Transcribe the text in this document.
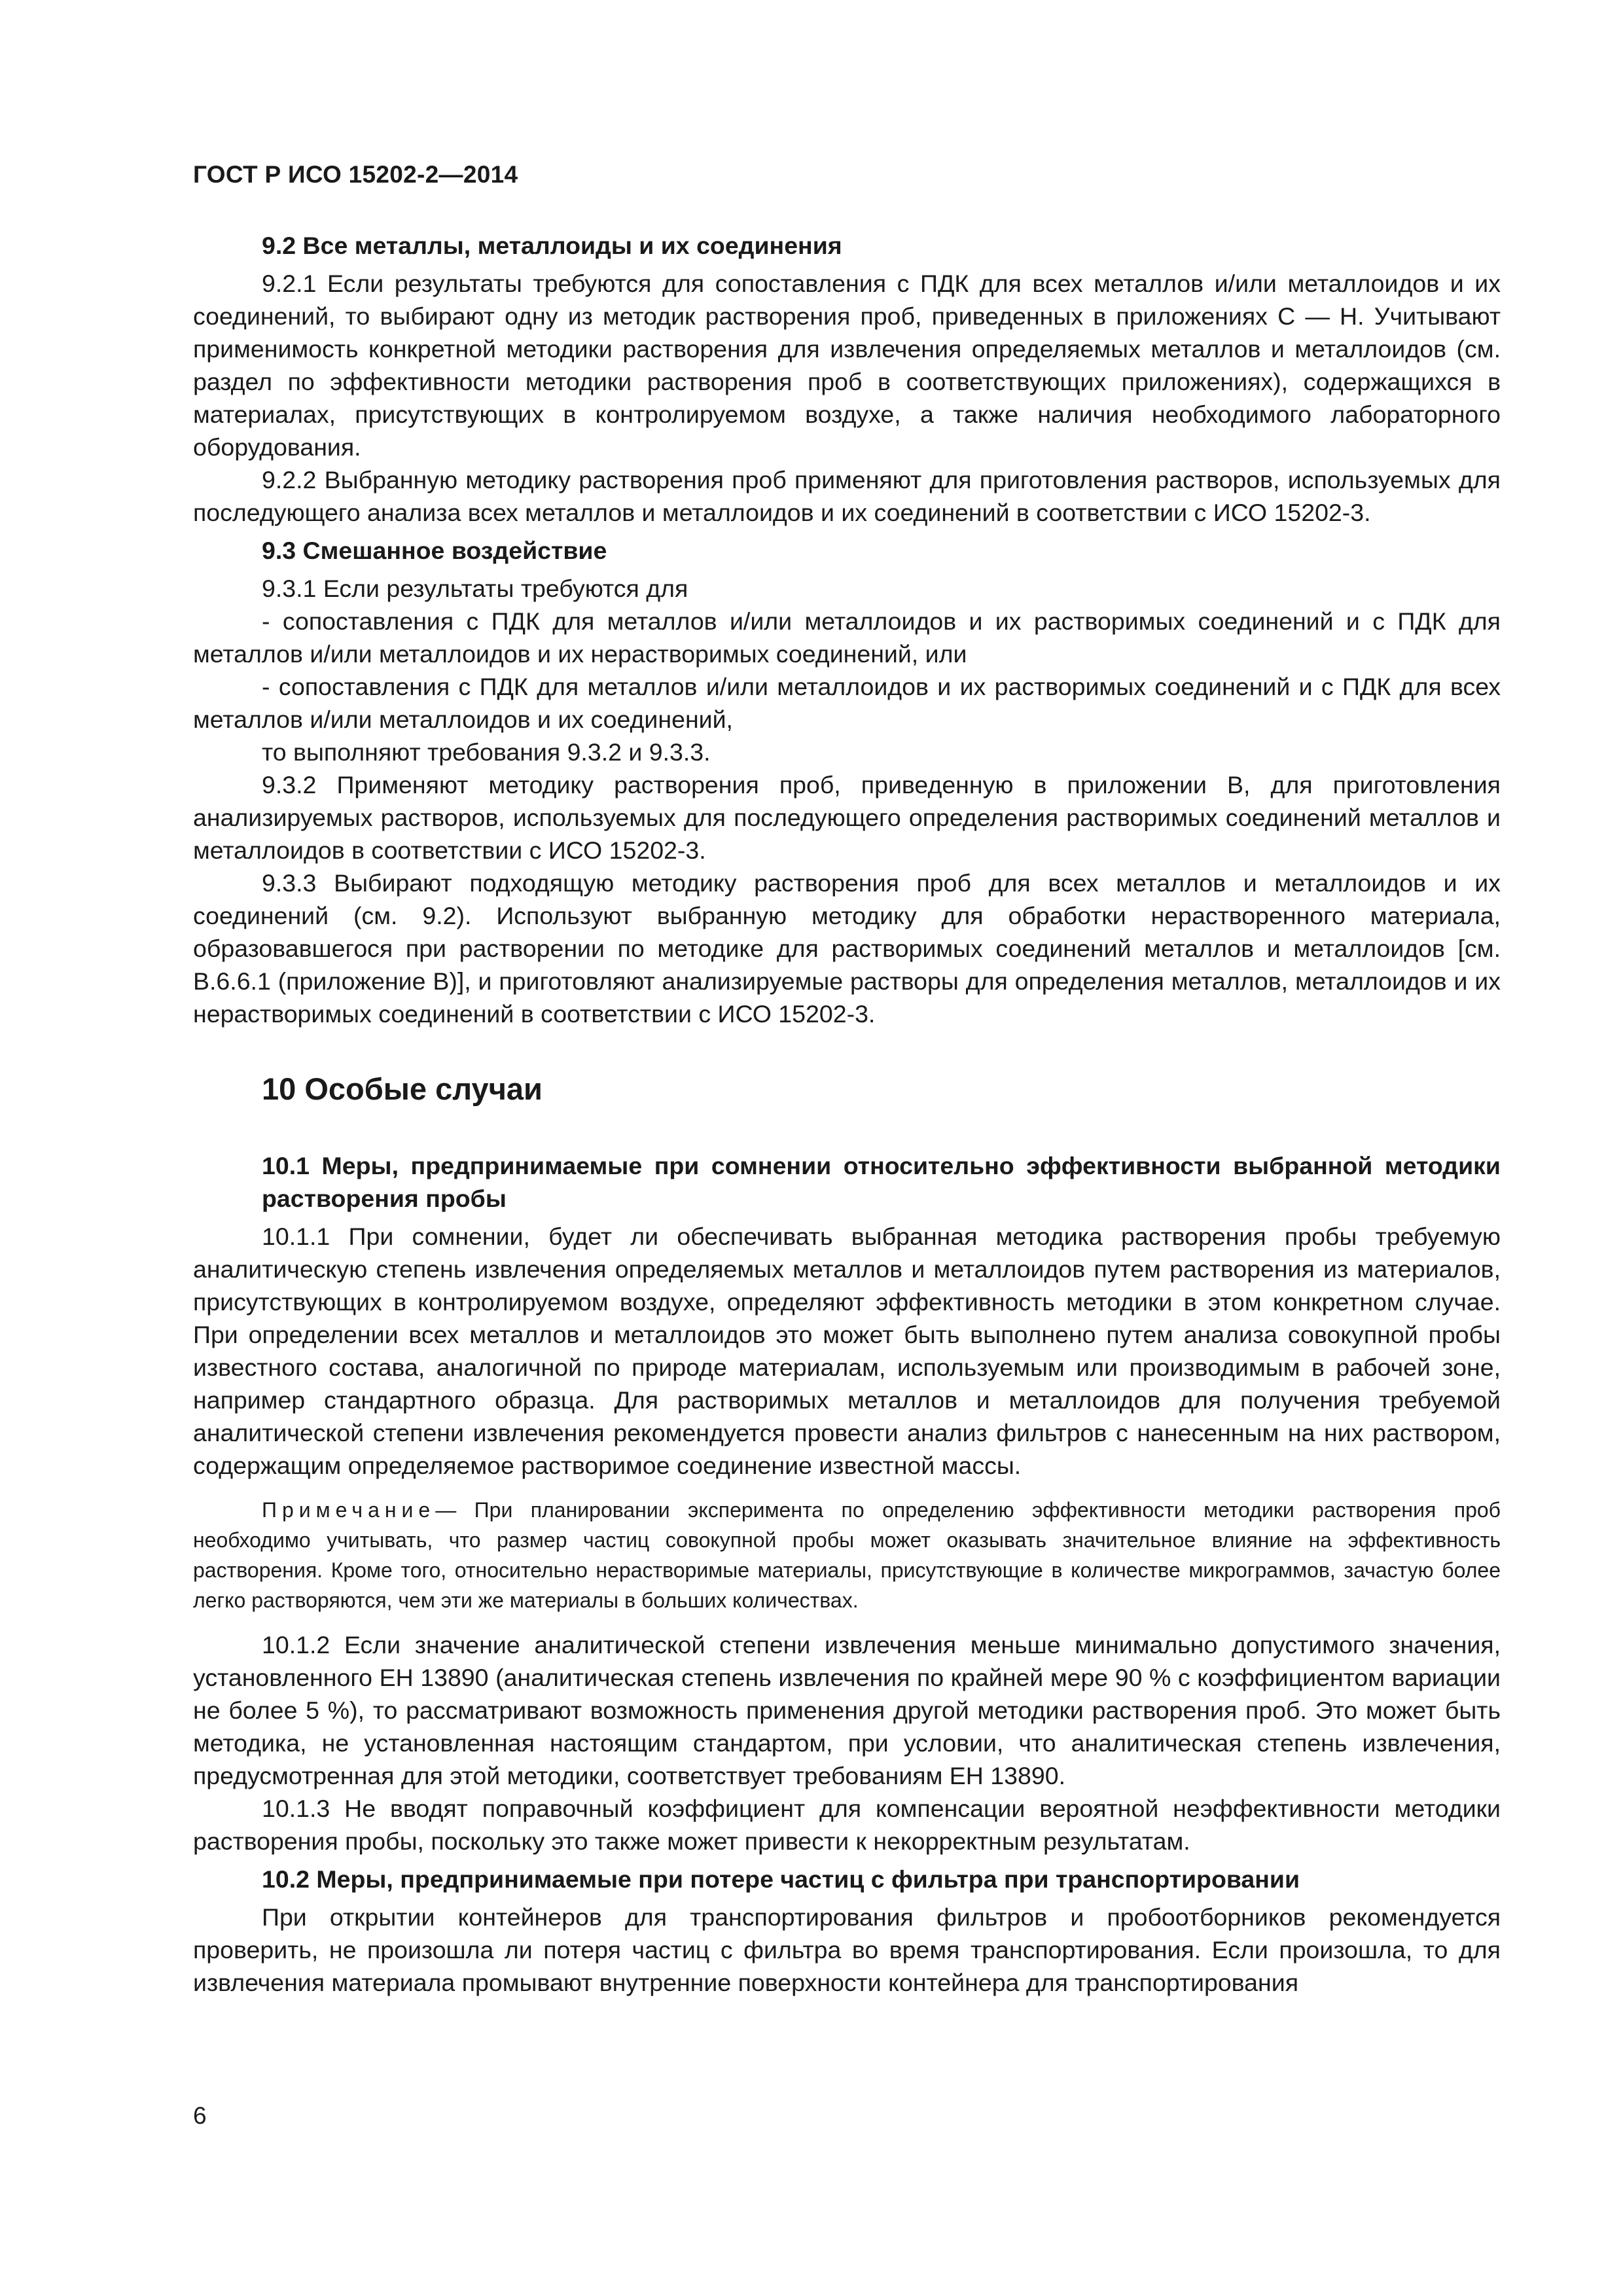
ГОСТ Р ИСО 15202-2—2014
9.2 Все металлы, металлоиды и их соединения

9.2.1 Если результаты требуются для сопоставления с ПДК для всех металлов и/или металлоидов и их соединений, то выбирают одну из методик растворения проб, приведенных в приложениях С — Н. Учитывают применимость конкретной методики растворения для извлечения определяемых металлов и металлоидов (см. раздел по эффективности методики растворения проб в соответствующих приложениях), содержащихся в материалах, присутствующих в контролируемом воздухе, а также наличия необходимого лабораторного оборудования.

9.2.2 Выбранную методику растворения проб применяют для приготовления растворов, используемых для последующего анализа всех металлов и металлоидов и их соединений в соответствии с ИСО 15202-3.

9.3 Смешанное воздействие

9.3.1 Если результаты требуются для

- сопоставления с ПДК для металлов и/или металлоидов и их растворимых соединений и с ПДК для металлов и/или металлоидов и их нерастворимых соединений, или

- сопоставления с ПДК для металлов и/или металлоидов и их растворимых соединений и с ПДК для всех металлов и/или металлоидов и их соединений,

то выполняют требования 9.3.2 и 9.3.3.

9.3.2 Применяют методику растворения проб, приведенную в приложении В, для приготовления анализируемых растворов, используемых для последующего определения растворимых соединений металлов и металлоидов в соответствии с ИСО 15202-3.

9.3.3 Выбирают подходящую методику растворения проб для всех металлов и металлоидов и их соединений (см. 9.2). Используют выбранную методику для обработки нерастворенного материала, образовавшегося при растворении по методике для растворимых соединений металлов и металлоидов [см. В.6.6.1 (приложение В)], и приготовляют анализируемые растворы для определения металлов, металлоидов и их нерастворимых соединений в соответствии с ИСО 15202-3.

10 Особые случаи
10.1 Меры, предпринимаемые при сомнении относительно эффективности выбранной методики растворения пробы

10.1.1 При сомнении, будет ли обеспечивать выбранная методика растворения пробы требуемую аналитическую степень извлечения определяемых металлов и металлоидов путем растворения из материалов, присутствующих в контролируемом воздухе, определяют эффективность методики в этом конкретном случае. При определении всех металлов и металлоидов это может быть выполнено путем анализа совокупной пробы известного состава, аналогичной по природе материалам, используемым или производимым в рабочей зоне, например стандартного образца. Для растворимых металлов и металлоидов для получения требуемой аналитической степени извлечения рекомендуется провести анализ фильтров с нанесенным на них раствором, содержащим определяемое растворимое соединение известной массы.

Примечание— При планировании эксперимента по определению эффективности методики растворения проб необходимо учитывать, что размер частиц совокупной пробы может оказывать значительное влияние на эффективность растворения. Кроме того, относительно нерастворимые материалы, присутствующие в количестве микрограммов, зачастую более легко растворяются, чем эти же материалы в больших количествах.

10.1.2 Если значение аналитической степени извлечения меньше минимально допустимого значения, установленного ЕН 13890 (аналитическая степень извлечения по крайней мере 90 % с коэффициентом вариации не более 5 %), то рассматривают возможность применения другой методики растворения проб. Это может быть методика, не установленная настоящим стандартом, при условии, что аналитическая степень извлечения, предусмотренная для этой методики, соответствует требованиям ЕН 13890.

10.1.3 Не вводят поправочный коэффициент для компенсации вероятной неэффективности методики растворения пробы, поскольку это также может привести к некорректным результатам.

10.2 Меры, предпринимаемые при потере частиц с фильтра при транспортировании

При открытии контейнеров для транспортирования фильтров и пробоотборников рекомендуется проверить, не произошла ли потеря частиц с фильтра во время транспортирования. Если произошла, то для извлечения материала промывают внутренние поверхности контейнера для транспортирования

6
